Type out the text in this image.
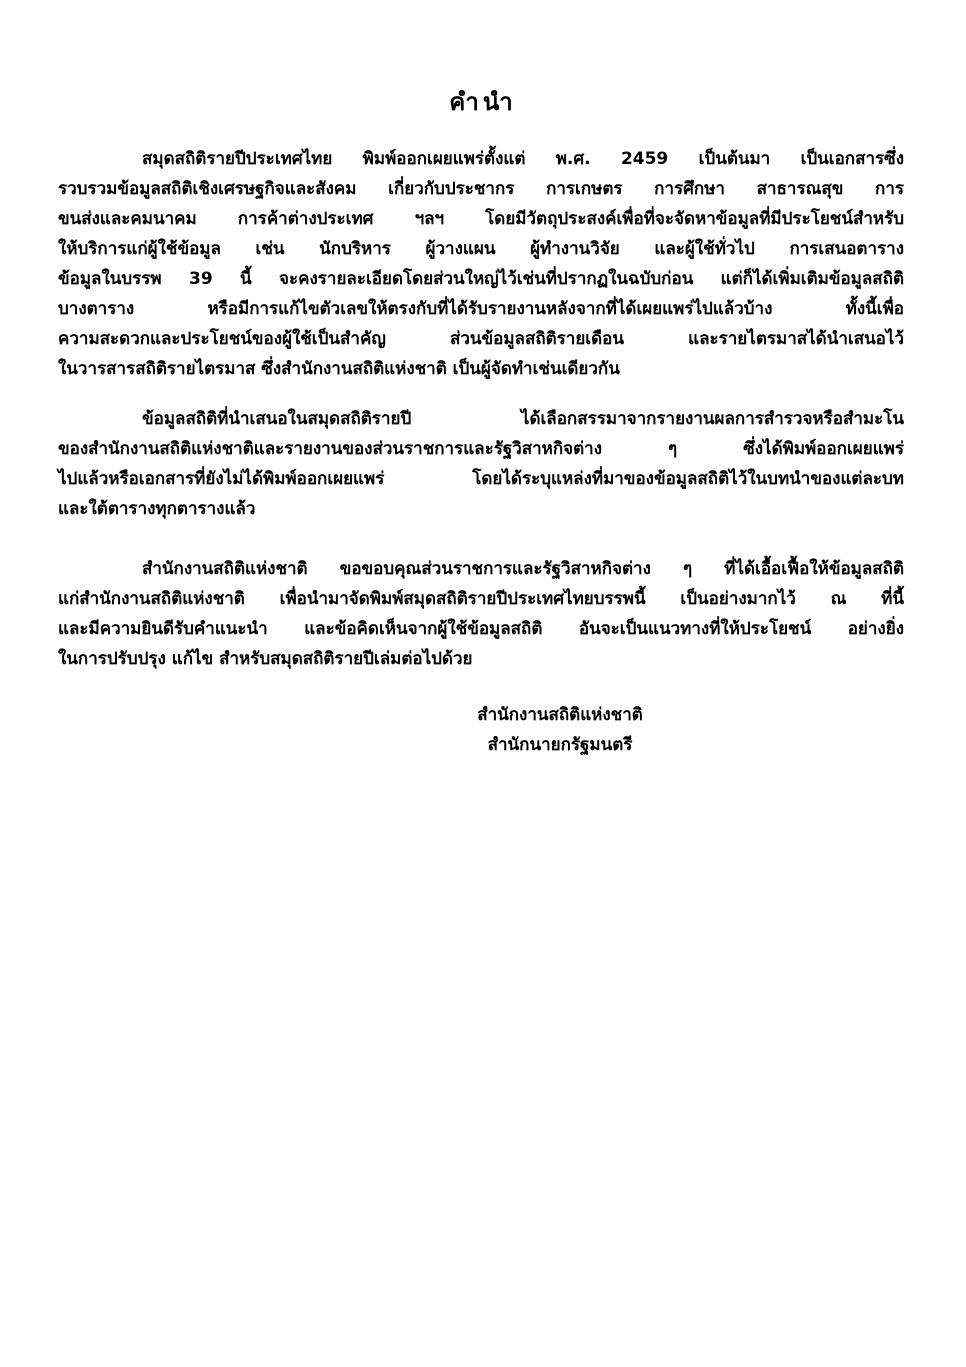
คำนำ
สมุดสถิติรายปีประเทศไทย พิมพ์ออกเผยแพร่ตั้งแต่ พ.ศ. 2459 เป็นต้นมา เป็นเอกสารซึ่ง
รวบรวมข้อมูลสถิติเชิงเศรษฐกิจและสังคม เกี่ยวกับประชากร การเกษตร การศึกษา สาธารณสุข การ
ขนส่งและคมนาคม การค้าต่างประเทศ ฯลฯ โดยมีวัตถุประสงค์เพื่อที่จะจัดหาข้อมูลที่มีประโยชน์สำหรับ
ให้บริการแก่ผู้ใช้ข้อมูล เช่น นักบริหาร ผู้วางแผน ผู้ทำงานวิจัย และผู้ใช้ทั่วไป การเสนอตาราง
ข้อมูลในบรรพ 39 นี้ จะคงรายละเอียดโดยส่วนใหญ่ไว้เช่นที่ปรากฏในฉบับก่อน แต่ก็ได้เพิ่มเติมข้อมูลสถิติ
บางตาราง หรือมีการแก้ไขตัวเลขให้ตรงกับที่ได้รับรายงานหลังจากที่ได้เผยแพร่ไปแล้วบ้าง ทั้งนี้เพื่อ
ความสะดวกและประโยชน์ของผู้ใช้เป็นสำคัญ ส่วนข้อมูลสถิติรายเดือน และรายไตรมาสได้นำเสนอไว้
ในวารสารสถิติรายไตรมาส ซึ่งสำนักงานสถิติแห่งชาติ เป็นผู้จัดทำเช่นเดียวกัน
ข้อมูลสถิติที่นำเสนอในสมุดสถิติรายปี ได้เลือกสรรมาจากรายงานผลการสำรวจหรือสำมะโน
ของสำนักงานสถิติแห่งชาติและรายงานของส่วนราชการและรัฐวิสาหกิจต่าง ๆ ซึ่งได้พิมพ์ออกเผยแพร่
ไปแล้วหรือเอกสารที่ยังไม่ได้พิมพ์ออกเผยแพร่ โดยได้ระบุแหล่งที่มาของข้อมูลสถิติไว้ในบทนำของแต่ละบท
และใต้ตารางทุกตารางแล้ว
สำนักงานสถิติแห่งชาติ ขอขอบคุณส่วนราชการและรัฐวิสาหกิจต่าง ๆ ที่ได้เอื้อเฟื้อให้ข้อมูลสถิติ
แก่สำนักงานสถิติแห่งชาติ เพื่อนำมาจัดพิมพ์สมุดสถิติรายปีประเทศไทยบรรพนี้ เป็นอย่างมากไว้ ณ ที่นี้
และมีความยินดีรับคำแนะนำ และข้อคิดเห็นจากผู้ใช้ข้อมูลสถิติ อันจะเป็นแนวทางที่ให้ประโยชน์ อย่างยิ่ง
ในการปรับปรุง แก้ไข สำหรับสมุดสถิติรายปีเล่มต่อไปด้วย
สำนักงานสถิติแห่งชาติ
สำนักนายกรัฐมนตรี
